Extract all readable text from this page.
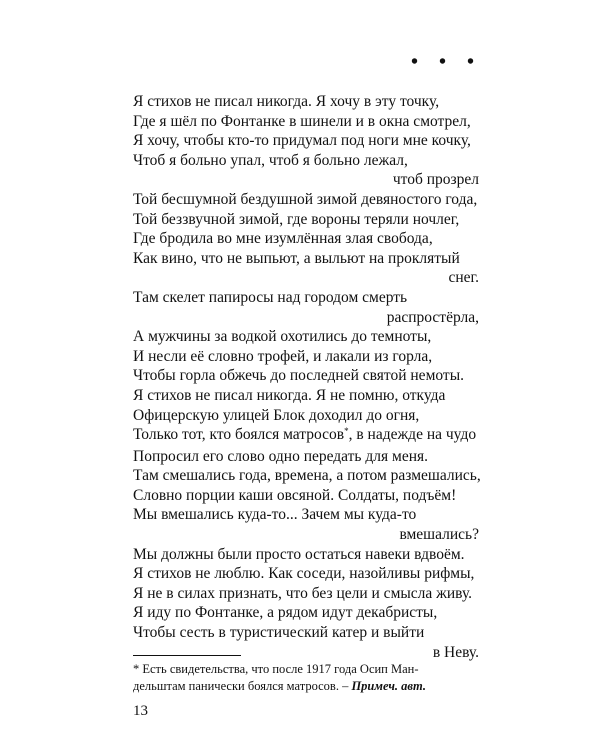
• • •
Я стихов не писал никогда. Я хочу в эту точку,
Где я шёл по Фонтанке в шинели и в окна смотрел,
Я хочу, чтобы кто-то придумал под ноги мне кочку,
Чтоб я больно упал, чтоб я больно лежал,
чтоб прозрел
Той бесшумной бездушной зимой девяностого года,
Той беззвучной зимой, где вороны теряли ночлег,
Где бродила во мне изумлённая злая свобода,
Как вино, что не выпьют, а выльют на проклятый
снег.
Там скелет папиросы над городом смерть
распростёрла,
А мужчины за водкой охотились до темноты,
И несли её словно трофей, и лакали из горла,
Чтобы горла обжечь до последней святой немоты.
Я стихов не писал никогда. Я не помню, откуда
Офицерскую улицей Блок доходил до огня,
Только тот, кто боялся матросов*, в надежде на чудо
Попросил его слово одно передать для меня.
Там смешались года, времена, а потом размешались,
Словно порции каши овсяной. Солдаты, подъём!
Мы вмешались куда-то... Зачем мы куда-то
вмешались?
Мы должны были просто остаться навеки вдвоём.
Я стихов не люблю. Как соседи, назойливы рифмы,
Я не в силах признать, что без цели и смысла живу.
Я иду по Фонтанке, а рядом идут декабристы,
Чтобы сесть в туристический катер и выйти
в Неву.
* Есть свидетельства, что после 1917 года Осип Ман-
дельштам панически боялся матросов. – Примеч. авт.
13
